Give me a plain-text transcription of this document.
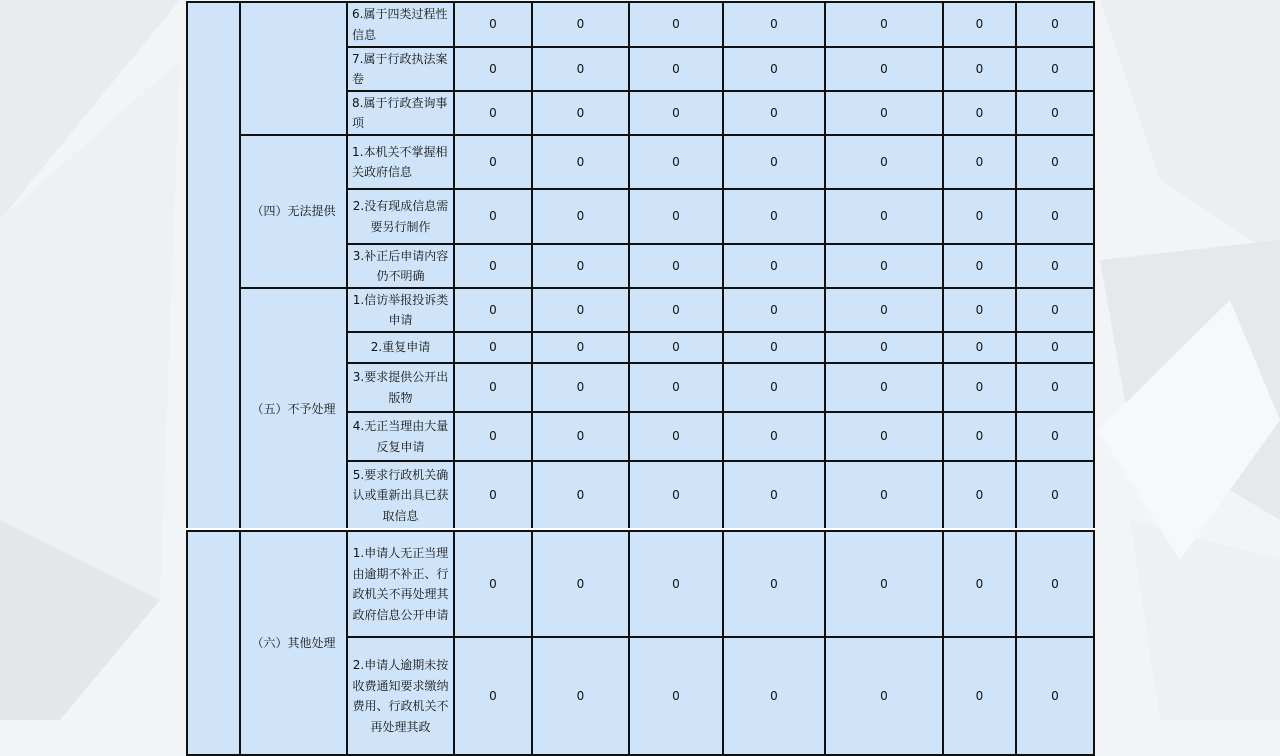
		6.属于四类过程性信息	0	0	0	0	0	0	0
		7.属于行政执法案卷	0	0	0	0	0	0	0
		8.属于行政查询事项	0	0	0	0	0	0	0
	（四）无法提供	1.本机关不掌握相关政府信息	0	0	0	0	0	0	0
		2.没有现成信息需要另行制作	0	0	0	0	0	0	0
		3.补正后申请内容仍不明确	0	0	0	0	0	0	0
	（五）不予处理	1.信访举报投诉类申请	0	0	0	0	0	0	0
		2.重复申请	0	0	0	0	0	0	0
		3.要求提供公开出版物	0	0	0	0	0	0	0
		4.无正当理由大量反复申请	0	0	0	0	0	0	0
		5.要求行政机关确认或重新出具已获取信息	0	0	0	0	0	0	0
	（六）其他处理	1.申请人无正当理由逾期不补正、行政机关不再处理其政府信息公开申请	0	0	0	0	0	0	0
		2.申请人逾期未按收费通知要求缴纳费用、行政机关不再处理其政	0	0	0	0	0	0	0
